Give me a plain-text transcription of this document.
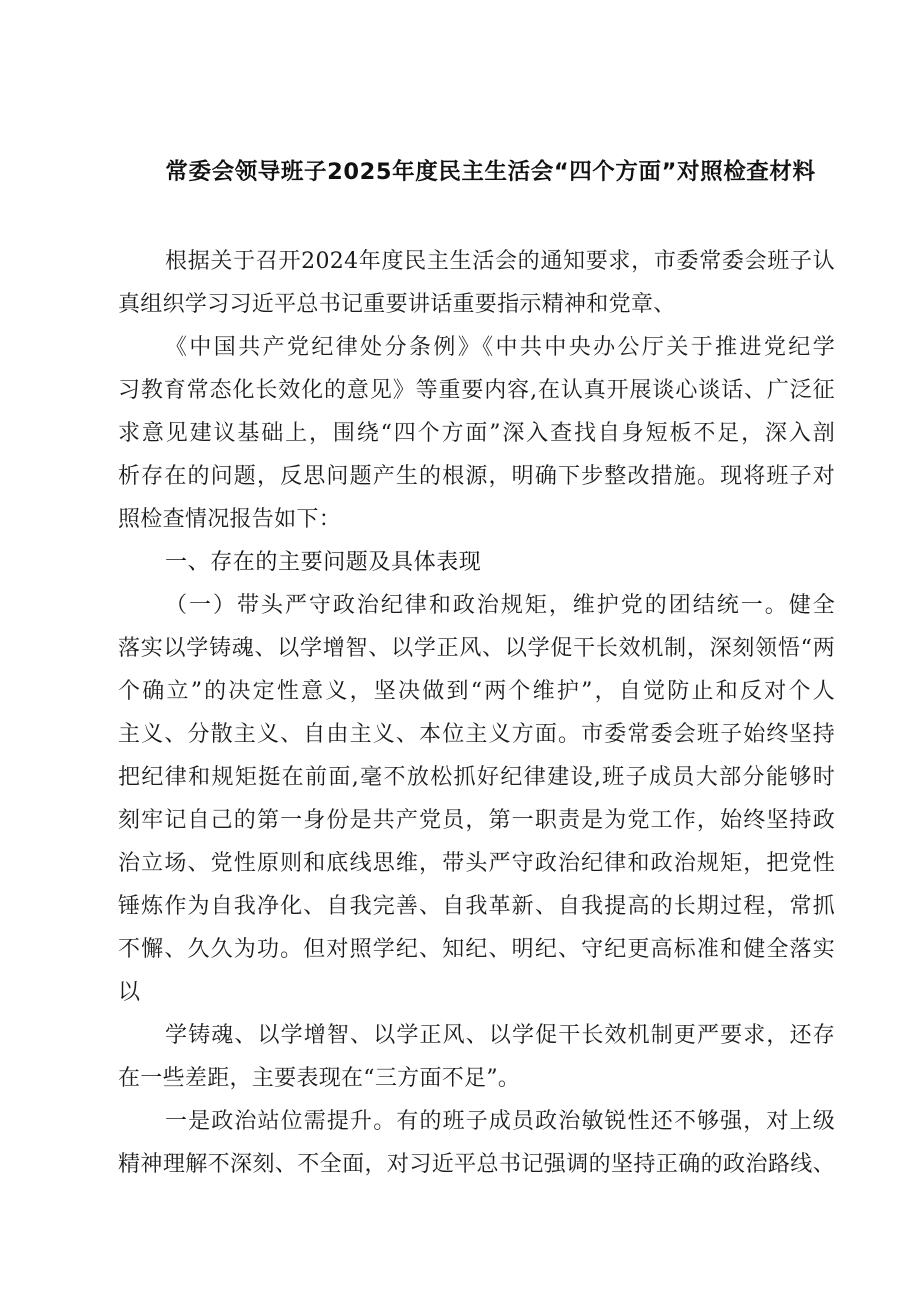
常委会领导班子2025年度民主生活会“四个方面”对照检查材料
根据关于召开2024年度民主生活会的通知要求，市委常委会班子认
真组织学习习近平总书记重要讲话重要指示精神和党章、
《中国共产党纪律处分条例》《中共中央办公厅关于推进党纪学
习教育常态化长效化的意见》等重要内容,在认真开展谈心谈话、广泛征
求意见建议基础上，围绕“四个方面”深入查找自身短板不足，深入剖
析存在的问题，反思问题产生的根源，明确下步整改措施。现将班子对
照检查情况报告如下：
一、存在的主要问题及具体表现
（一）带头严守政治纪律和政治规矩，维护党的团结统一。健全
落实以学铸魂、以学增智、以学正风、以学促干长效机制，深刻领悟“两
个确立”的决定性意义，坚决做到“两个维护”，自觉防止和反对个人
主义、分散主义、自由主义、本位主义方面。市委常委会班子始终坚持
把纪律和规矩挺在前面,毫不放松抓好纪律建设,班子成员大部分能够时
刻牢记自己的第一身份是共产党员，第一职责是为党工作，始终坚持政
治立场、党性原则和底线思维，带头严守政治纪律和政治规矩，把党性
锤炼作为自我净化、自我完善、自我革新、自我提高的长期过程，常抓
不懈、久久为功。但对照学纪、知纪、明纪、守纪更高标准和健全落实
以
学铸魂、以学增智、以学正风、以学促干长效机制更严要求，还存
在一些差距，主要表现在“三方面不足”。
一是政治站位需提升。有的班子成员政治敏锐性还不够强，对上级
精神理解不深刻、不全面，对习近平总书记强调的坚持正确的政治路线、
